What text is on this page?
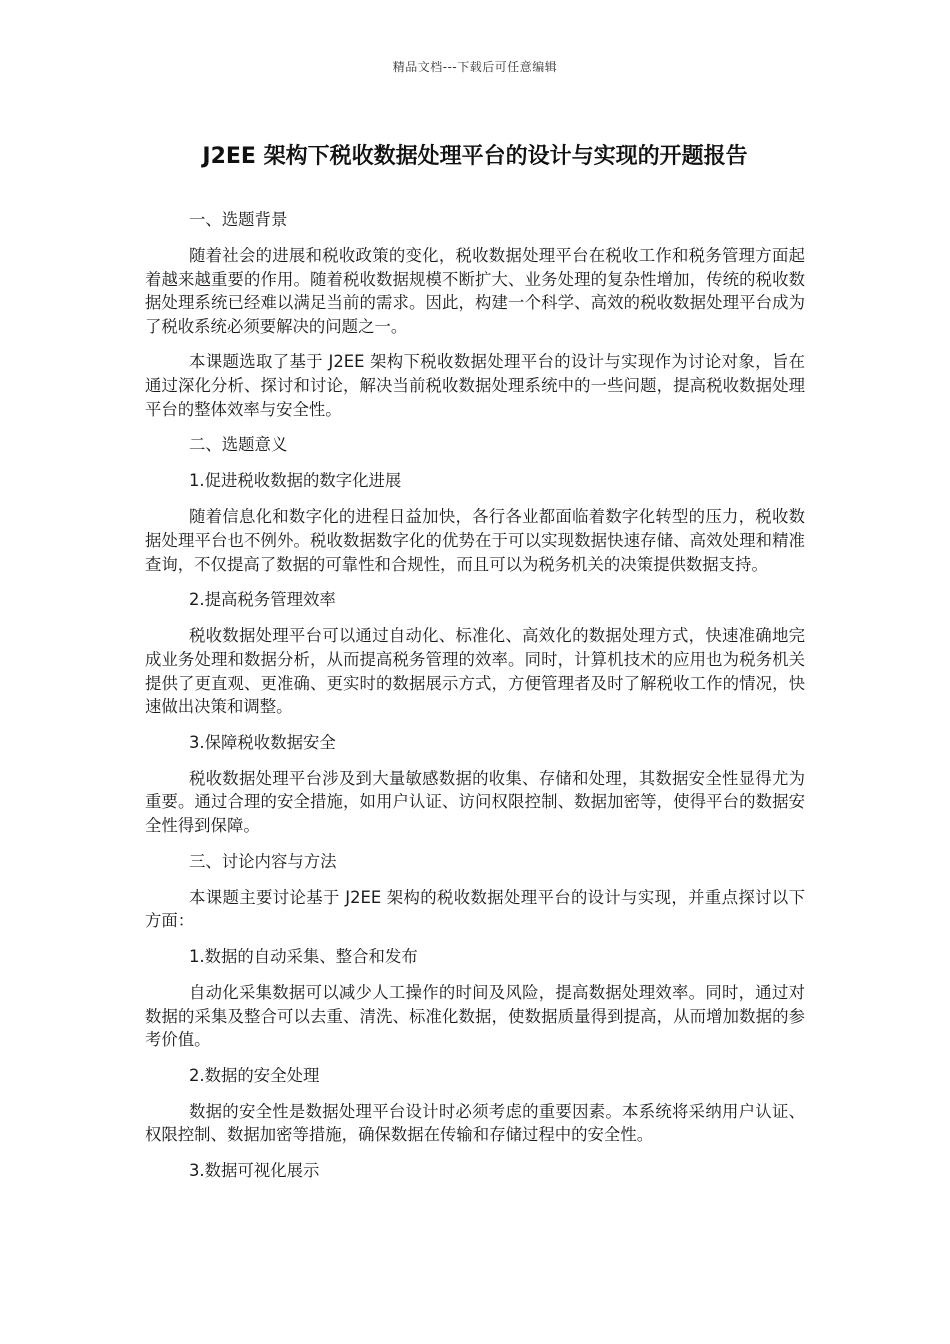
精品文档---下载后可任意编辑
J2EE 架构下税收数据处理平台的设计与实现的开题报告

一、选题背景

随着社会的进展和税收政策的变化，税收数据处理平台在税收工作和税务管理方面起着越来越重要的作用。随着税收数据规模不断扩大、业务处理的复杂性增加，传统的税收数据处理系统已经难以满足当前的需求。因此，构建一个科学、高效的税收数据处理平台成为了税收系统必须要解决的问题之一。

本课题选取了基于 J2EE 架构下税收数据处理平台的设计与实现作为讨论对象，旨在通过深化分析、探讨和讨论，解决当前税收数据处理系统中的一些问题，提高税收数据处理平台的整体效率与安全性。

二、选题意义

1.促进税收数据的数字化进展

随着信息化和数字化的进程日益加快，各行各业都面临着数字化转型的压力，税收数据处理平台也不例外。税收数据数字化的优势在于可以实现数据快速存储、高效处理和精准查询，不仅提高了数据的可靠性和合规性，而且可以为税务机关的决策提供数据支持。

2.提高税务管理效率

税收数据处理平台可以通过自动化、标准化、高效化的数据处理方式，快速准确地完成业务处理和数据分析，从而提高税务管理的效率。同时，计算机技术的应用也为税务机关提供了更直观、更准确、更实时的数据展示方式，方便管理者及时了解税收工作的情况，快速做出决策和调整。

3.保障税收数据安全

税收数据处理平台涉及到大量敏感数据的收集、存储和处理，其数据安全性显得尤为重要。通过合理的安全措施，如用户认证、访问权限控制、数据加密等，使得平台的数据安全性得到保障。

三、讨论内容与方法

本课题主要讨论基于 J2EE 架构的税收数据处理平台的设计与实现，并重点探讨以下方面：

1.数据的自动采集、整合和发布

自动化采集数据可以减少人工操作的时间及风险，提高数据处理效率。同时，通过对数据的采集及整合可以去重、清洗、标准化数据，使数据质量得到提高，从而增加数据的参考价值。

2.数据的安全处理

数据的安全性是数据处理平台设计时必须考虑的重要因素。本系统将采纳用户认证、权限控制、数据加密等措施，确保数据在传输和存储过程中的安全性。

3.数据可视化展示
